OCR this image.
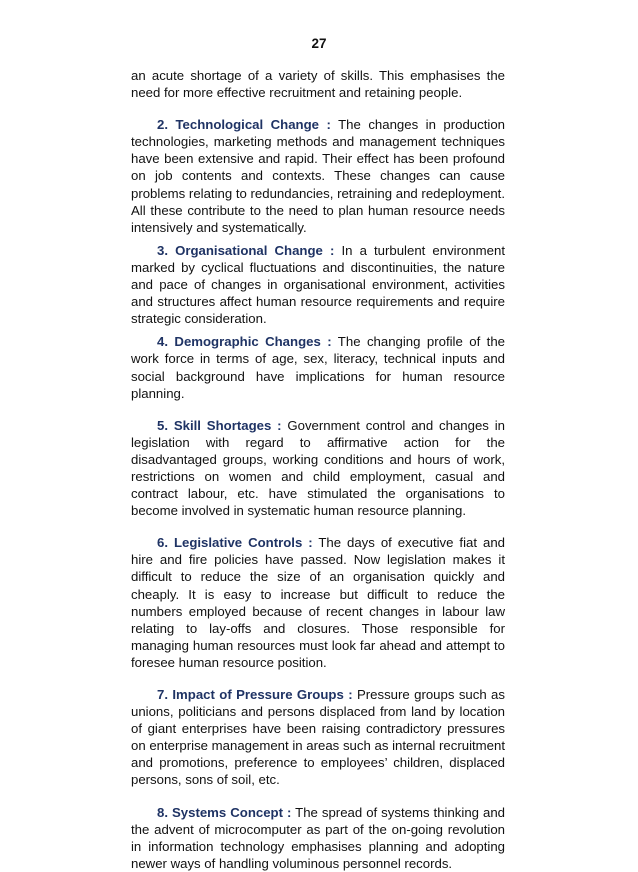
27

an acute shortage of a variety of skills. This emphasises the need for more effective recruitment and retaining people.

2. Technological Change : The changes in production technologies, marketing methods and management techniques have been extensive and rapid. Their effect has been profound on job contents and contexts. These changes can cause problems relating to redundancies, retraining and redeployment. All these contribute to the need to plan human resource needs intensively and systematically.

3. Organisational Change : In a turbulent environment marked by cyclical fluctuations and discontinuities, the nature and pace of changes in organisational environment, activities and structures affect human resource requirements and require strategic consideration.

4. Demographic Changes : The changing profile of the work force in terms of age, sex, literacy, technical inputs and social background have implications for human resource planning.

5. Skill Shortages : Government control and changes in legislation with regard to affirmative action for the disadvantaged groups, working conditions and hours of work, restrictions on women and child employment, casual and contract labour, etc. have stimulated the organisations to become involved in systematic human resource planning.

6. Legislative Controls : The days of executive fiat and hire and fire policies have passed. Now legislation makes it difficult to reduce the size of an organisation quickly and cheaply. It is easy to increase but difficult to reduce the numbers employed because of recent changes in labour law relating to lay-offs and closures. Those responsible for managing human resources must look far ahead and attempt to foresee human resource position.

7. Impact of Pressure Groups : Pressure groups such as unions, politicians and persons displaced from land by location of giant enterprises have been raising contradictory pressures on enterprise management in areas such as internal recruitment and promotions, preference to employees’ children, displaced persons, sons of soil, etc.

8. Systems Concept : The spread of systems thinking and the advent of microcomputer as part of the on-going revolution in information technology emphasises planning and adopting newer ways of handling voluminous personnel records.
